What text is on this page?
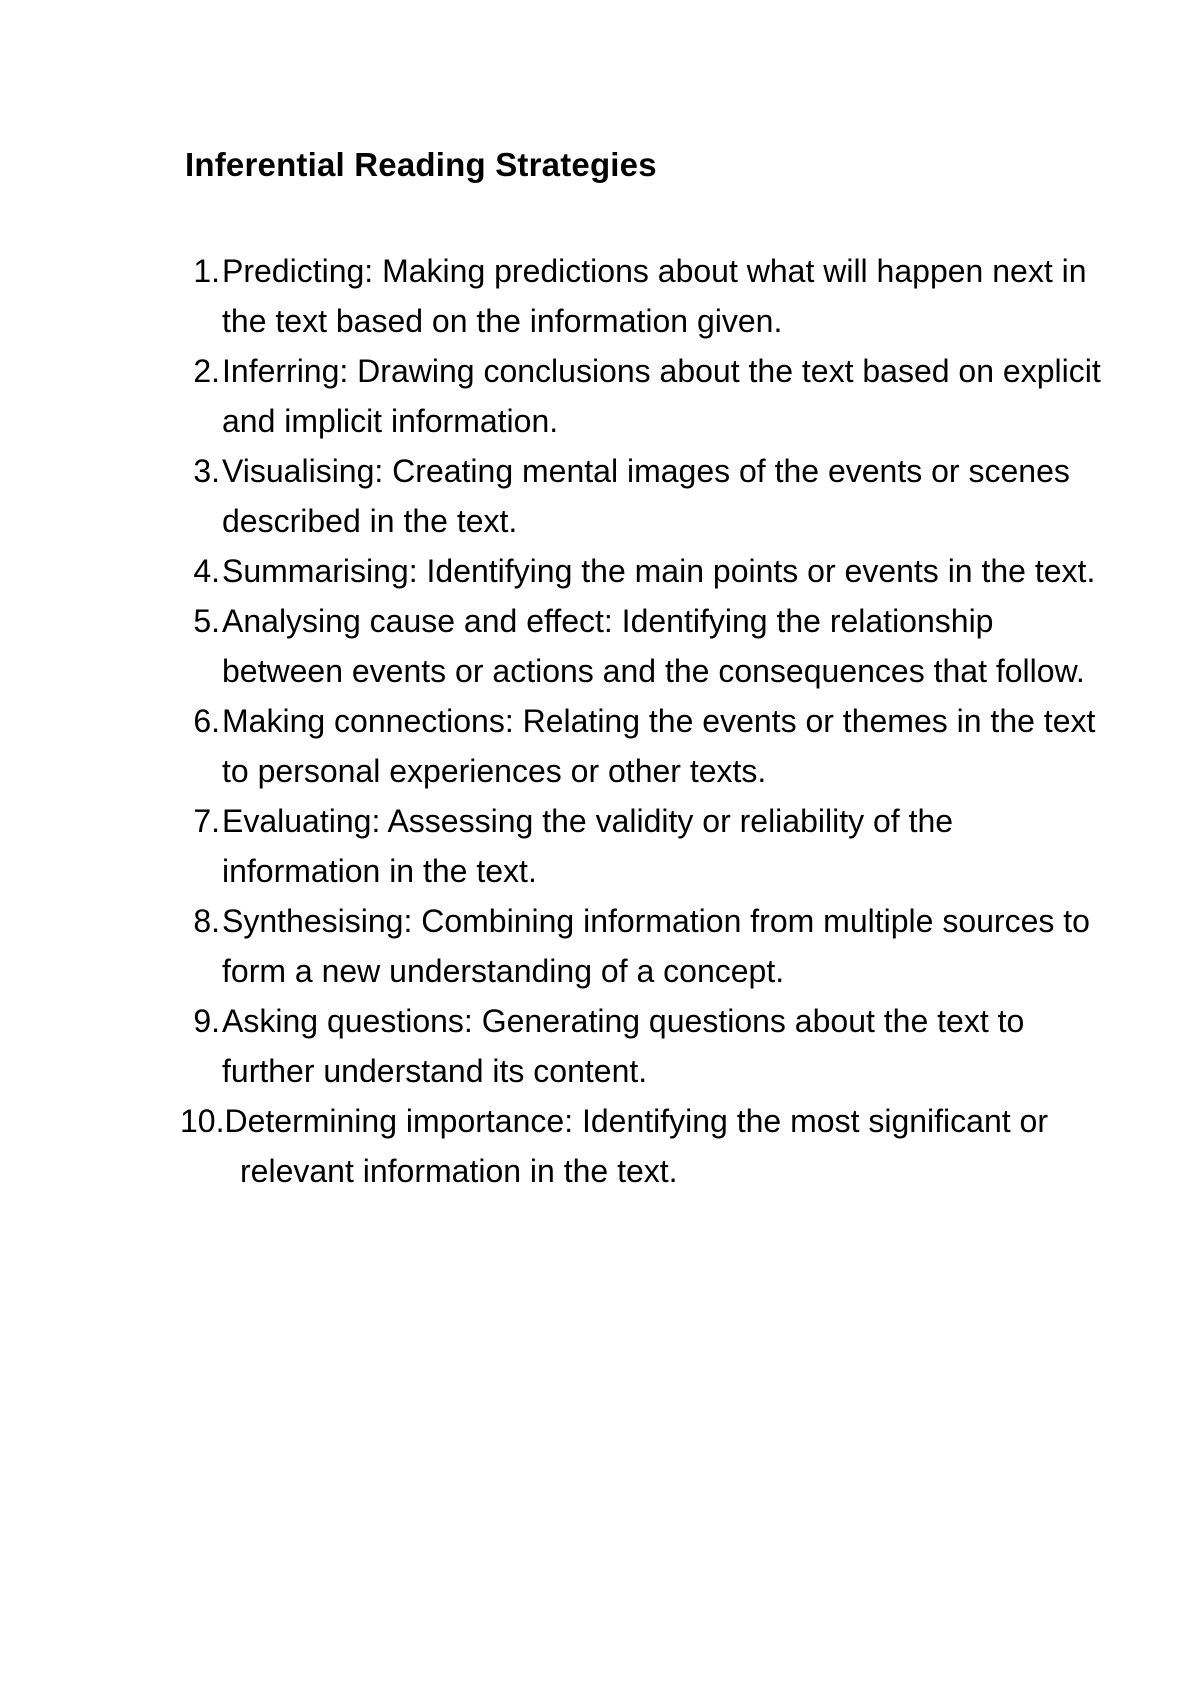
Inferential Reading Strategies
1. Predicting: Making predictions about what will happen next in the text based on the information given.
2. Inferring: Drawing conclusions about the text based on explicit and implicit information.
3. Visualising: Creating mental images of the events or scenes described in the text.
4. Summarising: Identifying the main points or events in the text.
5. Analysing cause and effect: Identifying the relationship between events or actions and the consequences that follow.
6. Making connections: Relating the events or themes in the text to personal experiences or other texts.
7. Evaluating: Assessing the validity or reliability of the information in the text.
8. Synthesising: Combining information from multiple sources to form a new understanding of a concept.
9. Asking questions: Generating questions about the text to further understand its content.
10.Determining importance: Identifying the most significant or relevant information in the text.
